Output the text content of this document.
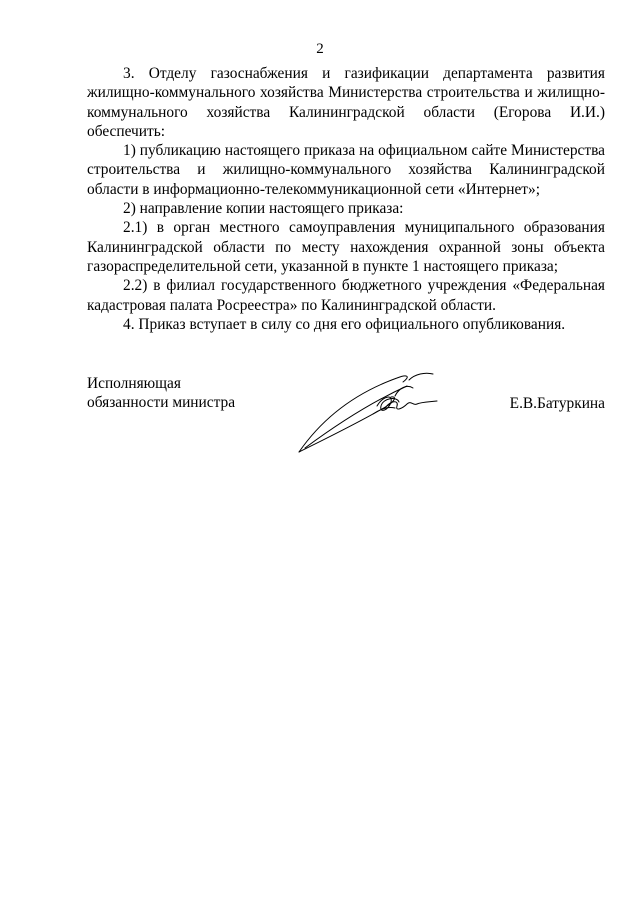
2

3. Отделу газоснабжения и газификации департамента развития жилищно-коммунального хозяйства Министерства строительства и жилищно-коммунального хозяйства Калининградской области (Егорова И.И.) обеспечить:

1) публикацию настоящего приказа на официальном сайте Министерства строительства и жилищно-коммунального хозяйства Калининградской области в информационно-телекоммуникационной сети «Интернет»;

2) направление копии настоящего приказа:

2.1) в орган местного самоуправления муниципального образования Калининградской области по месту нахождения охранной зоны объекта газораспределительной сети, указанной в пункте 1 настоящего приказа;

2.2) в филиал государственного бюджетного учреждения «Федеральная кадастровая палата Росреестра» по Калининградской области.

4. Приказ вступает в силу со дня его официального опубликования.

Исполняющая
обязанности министра	Е.В.Батуркина
